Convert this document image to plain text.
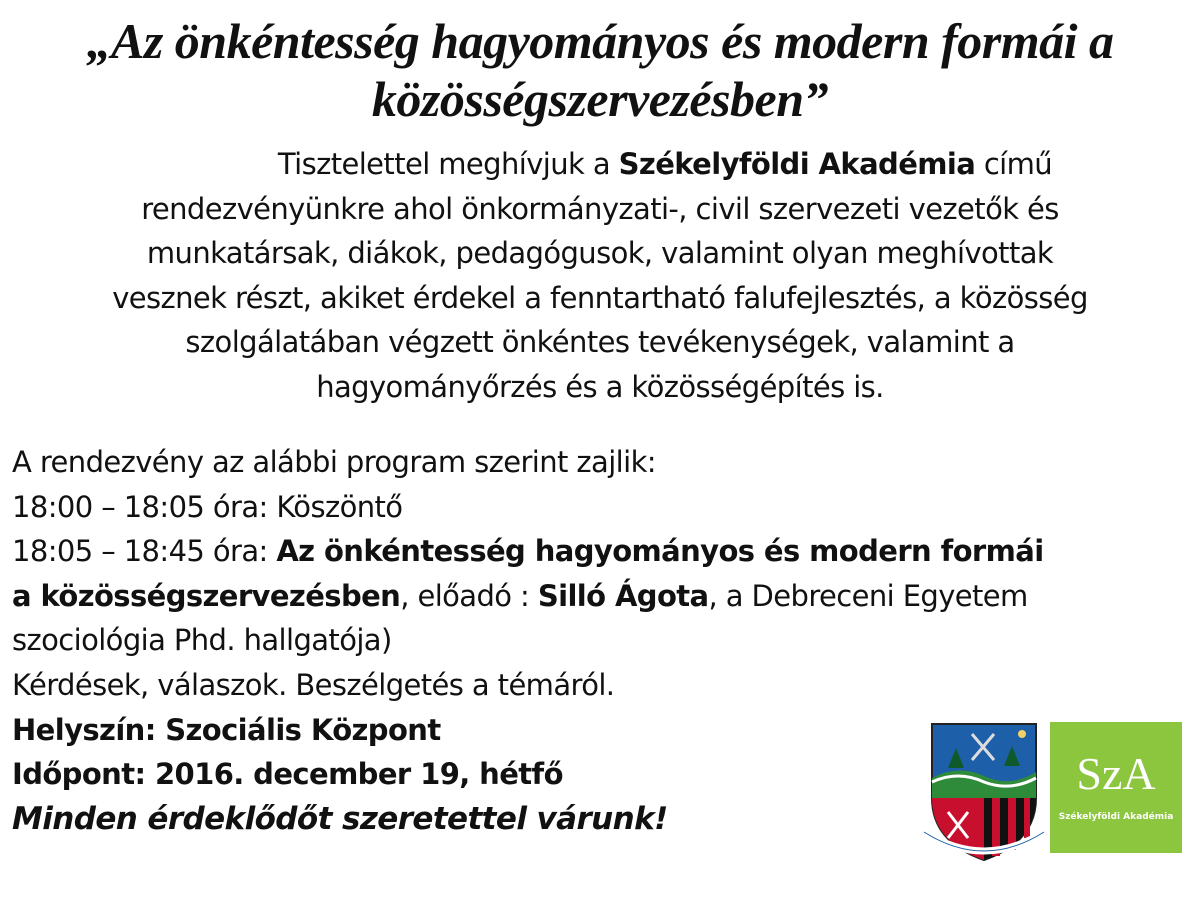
„Az önkéntesség hagyományos és modern formái a
közösségszervezésben”
Tisztelettel meghívjuk a Székelyföldi Akadémia című
rendezvényünkre ahol önkormányzati-, civil szervezeti vezetők és
munkatársak, diákok, pedagógusok, valamint olyan meghívottak
vesznek részt, akiket érdekel a fenntartható falufejlesztés, a közösség
szolgálatában végzett önkéntes tevékenységek, valamint a
hagyományőrzés és a közösségépítés is.

A rendezvény az alábbi program szerint zajlik:

18:00 – 18:05 óra: Köszöntő

18:05 – 18:45 óra: Az önkéntesség hagyományos és modern formái

a közösségszervezésben, előadó : Silló Ágota, a Debreceni Egyetem

szociológia Phd. hallgatója)

Kérdések, válaszok. Beszélgetés a témáról.

Helyszín: Szociális Központ

Időpont: 2016. december 19, hétfő

Minden érdeklődőt szeretettel várunk!

SzA
Székelyföldi Akadémia
